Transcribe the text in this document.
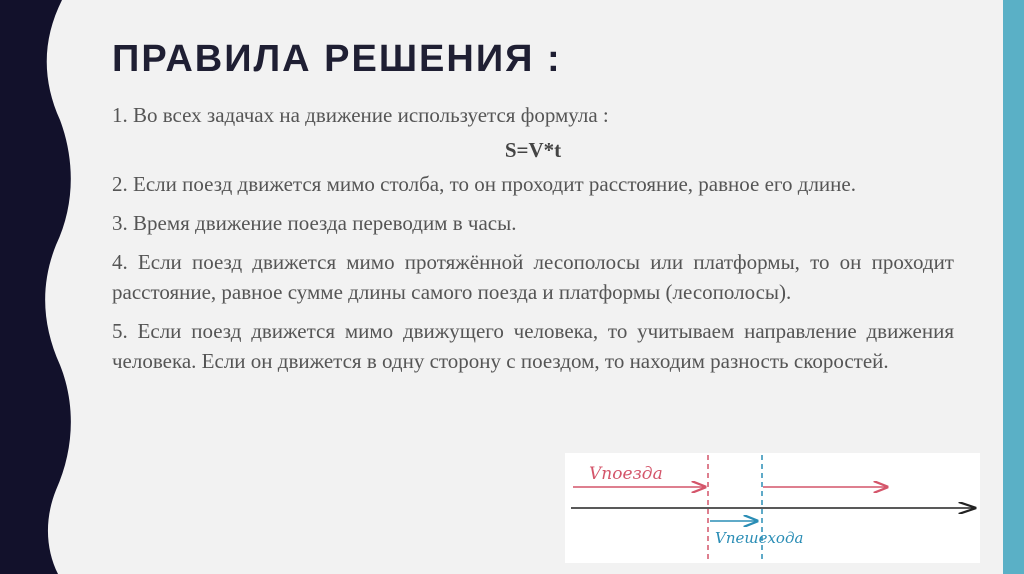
ПРАВИЛА РЕШЕНИЯ :

1. Во всех задачах на движение используется формула :

S=V*t

2. Если поезд движется мимо столба, то он проходит расстояние, равное его длине.

3. Время движение поезда переводим в часы.

4. Если поезд движется мимо протяжённой лесополосы или платформы, то он проходит расстояние, равное сумме длины самого поезда и платформы (лесополосы).

5. Если поезд движется мимо движущего человека, то учитываем направление движения человека. Если он движется в одну сторону с поездом, то находим разность скоростей.

Vпоезда
Vпешехода
